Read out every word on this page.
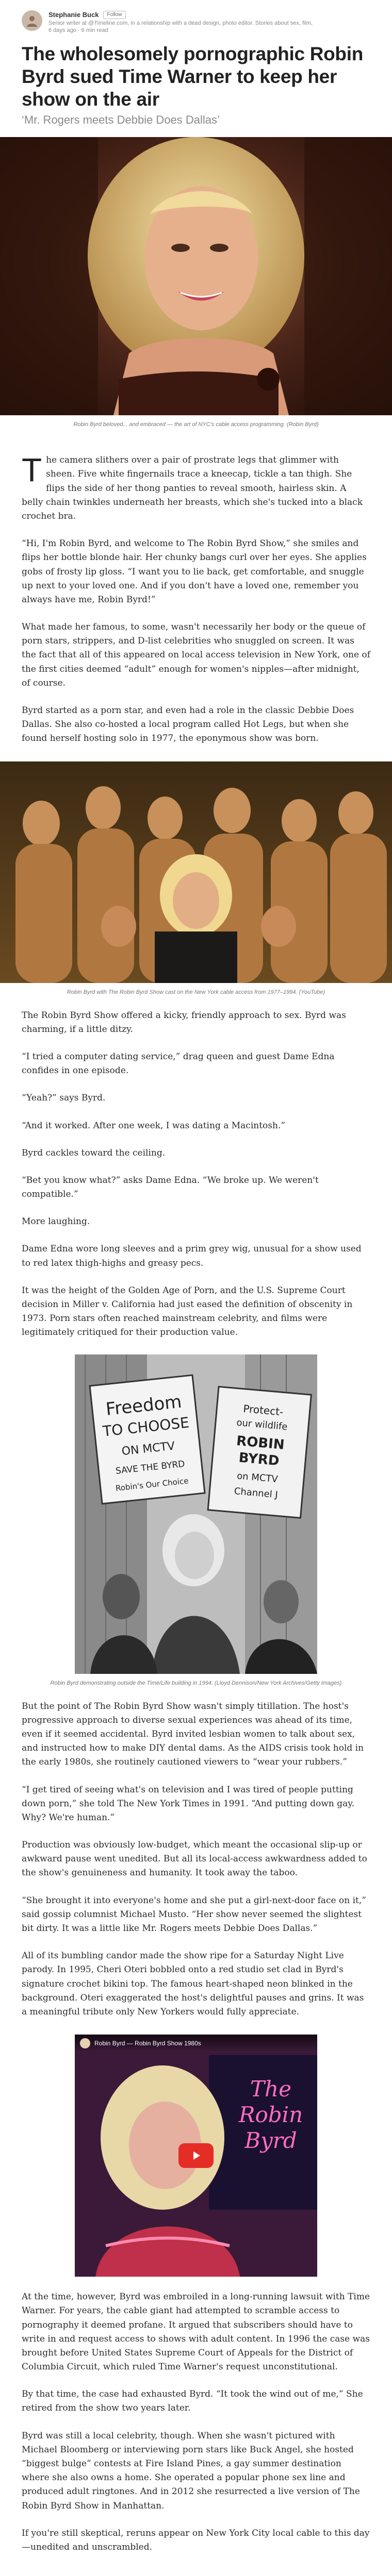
Stephanie Buck	Follow
Senior writer at @Timeline.com, in a relationship with a dead design, photo editor. Stories about sex, film,
6 days ago · 6 min read
The wholesomely pornographic Robin Byrd sued Time Warner to keep her show on the air
‘Mr. Rogers meets Debbie Does Dallas’
Robin Byrd beloved... and embraced — the art of NYC's cable access programming. (Robin Byrd)

The camera slithers over a pair of prostrate legs that glimmer with sheen. Five white fingernails trace a kneecap, tickle a tan thigh. She flips the side of her thong panties to reveal smooth, hairless skin. A belly chain twinkles underneath her breasts, which she's tucked into a black crochet bra.

“Hi, I'm Robin Byrd, and welcome to The Robin Byrd Show,” she smiles and flips her bottle blonde hair. Her chunky bangs curl over her eyes. She applies gobs of frosty lip gloss. “I want you to lie back, get comfortable, and snuggle up next to your loved one. And if you don't have a loved one, remember you always have me, Robin Byrd!”

What made her famous, to some, wasn't necessarily her body or the queue of porn stars, strippers, and D-list celebrities who snuggled on screen. It was the fact that all of this appeared on local access television in New York, one of the first cities deemed “adult” enough for women's nipples—after midnight, of course.

Byrd started as a porn star, and even had a role in the classic Debbie Does Dallas. She also co-hosted a local program called Hot Legs, but when she found herself hosting solo in 1977, the eponymous show was born.

Robin Byrd with The Robin Byrd Show cast on the New York cable access from 1977–1994. (YouTube)

The Robin Byrd Show offered a kicky, friendly approach to sex. Byrd was charming, if a little ditzy.

“I tried a computer dating service,” drag queen and guest Dame Edna confides in one episode.

“Yeah?” says Byrd.

“And it worked. After one week, I was dating a Macintosh.”

Byrd cackles toward the ceiling.

“Bet you know what?” asks Dame Edna. “We broke up. We weren't compatible.”

More laughing.

Dame Edna wore long sleeves and a prim grey wig, unusual for a show used to red latex thigh-highs and greasy pecs.

It was the height of the Golden Age of Porn, and the U.S. Supreme Court decision in Miller v. California had just eased the definition of obscenity in 1973. Porn stars often reached mainstream celebrity, and films were legitimately critiqued for their production value.

Freedom
TO CHOOSE
ON MCTV
SAVE THE BYRD
Robin's Our Choice
Protect-
our wildlife
ROBIN
BYRD
on MCTV
Channel J
Robin Byrd demonstrating outside the Time/Life building in 1994. (Lloyd Dennison/New York Archives/Getty Images)

But the point of The Robin Byrd Show wasn't simply titillation. The host's progressive approach to diverse sexual experiences was ahead of its time, even if it seemed accidental. Byrd invited lesbian women to talk about sex, and instructed how to make DIY dental dams. As the AIDS crisis took hold in the early 1980s, she routinely cautioned viewers to “wear your rubbers.”

“I get tired of seeing what's on television and I was tired of people putting down porn,” she told The New York Times in 1991. “And putting down gay. Why? We're human.”

Production was obviously low-budget, which meant the occasional slip-up or awkward pause went unedited. But all its local-access awkwardness added to the show's genuineness and humanity. It took away the taboo.

“She brought it into everyone's home and she put a girl-next-door face on it,” said gossip columnist Michael Musto. “Her show never seemed the slightest bit dirty. It was a little like Mr. Rogers meets Debbie Does Dallas.”

All of its bumbling candor made the show ripe for a Saturday Night Live parody. In 1995, Cheri Oteri bobbled onto a red studio set clad in Byrd's signature crochet bikini top. The famous heart-shaped neon blinked in the background. Oteri exaggerated the host's delightful pauses and grins. It was a meaningful tribute only New Yorkers would fully appreciate.

The
Robin
Byrd
Robin Byrd — Robin Byrd Show 1980s

At the time, however, Byrd was embroiled in a long-running lawsuit with Time Warner. For years, the cable giant had attempted to scramble access to pornography it deemed profane. It argued that subscribers should have to write in and request access to shows with adult content. In 1996 the case was brought before United States Supreme Court of Appeals for the District of Columbia Circuit, which ruled Time Warner's request unconstitutional.

By that time, the case had exhausted Byrd. “It took the wind out of me,” She retired from the show two years later.

Byrd was still a local celebrity, though. When she wasn't pictured with Michael Bloomberg or interviewing porn stars like Buck Angel, she hosted “biggest bulge” contests at Fire Island Pines, a gay summer destination where she also owns a home. She operated a popular phone sex line and produced adult ringtones. And in 2012 she resurrected a live version of The Robin Byrd Show in Manhattan.

If you're still skeptical, reruns appear on New York City local cable to this day—unedited and unscrambled.
